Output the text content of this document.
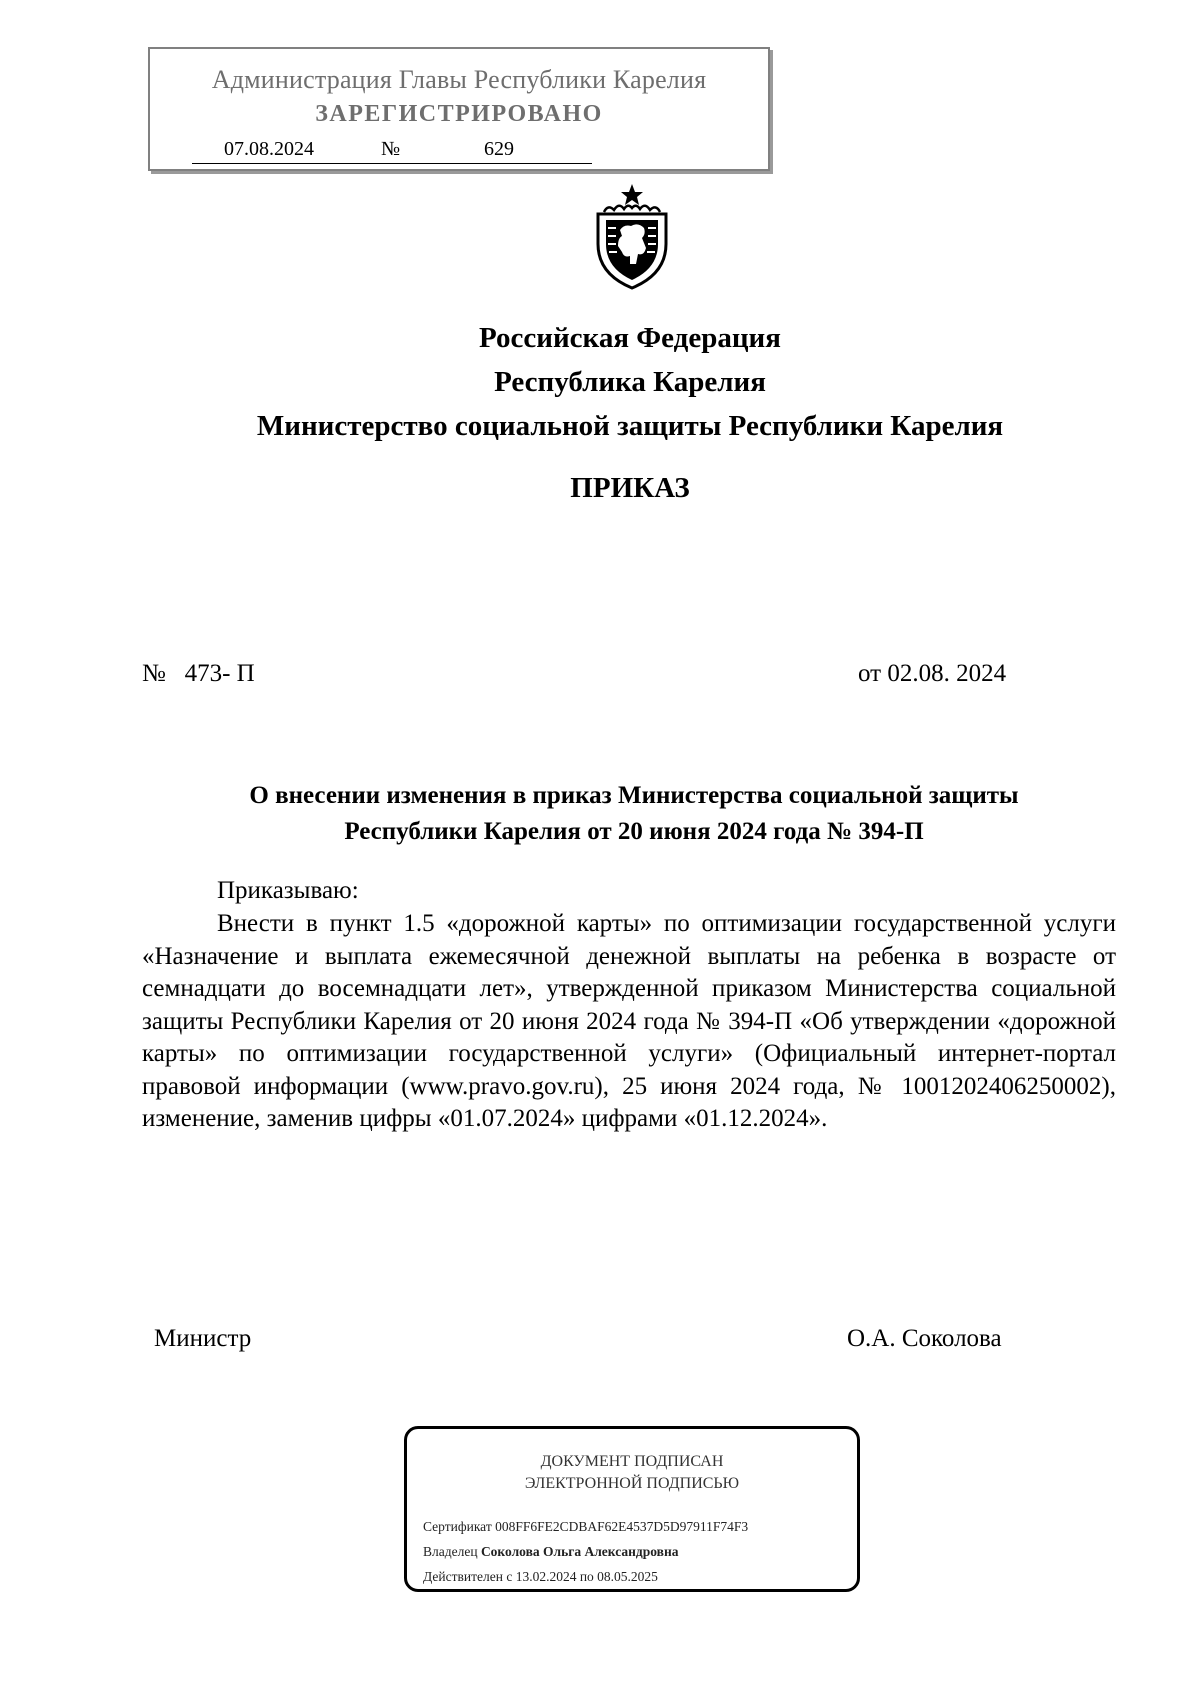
Администрация Главы Республики Карелия
ЗАРЕГИСТРИРОВАНО
07.08.2024	№	629
Российская Федерация
Республика Карелия
Министерство социальной защиты Республики Карелия
ПРИКАЗ
№   473- П	от 02.08. 2024
О внесении изменения в приказ Министерства социальной защиты
Республики Карелия от 20 июня 2024 года № 394-П
Приказываю:
Внести в пункт 1.5 «дорожной карты» по оптимизации государственной услуги «Назначение и выплата ежемесячной денежной выплаты на ребенка в возрасте от семнадцати до восемнадцати лет», утвержденной приказом Министерства социальной защиты Республики Карелия от 20 июня 2024 года № 394-П «Об утверждении «дорожной карты» по оптимизации государственной услуги» (Официальный интернет-портал правовой информации (www.pravo.gov.ru), 25 июня 2024 года, № 1001202406250002), изменение, заменив цифры «01.07.2024» цифрами «01.12.2024».
Министр	О.А. Соколова
ДОКУМЕНТ ПОДПИСАН
ЭЛЕКТРОННОЙ ПОДПИСЬЮ
Сертификат 008FF6FE2CDBAF62E4537D5D97911F74F3
Владелец Соколова Ольга Александровна
Действителен с 13.02.2024 по 08.05.2025
